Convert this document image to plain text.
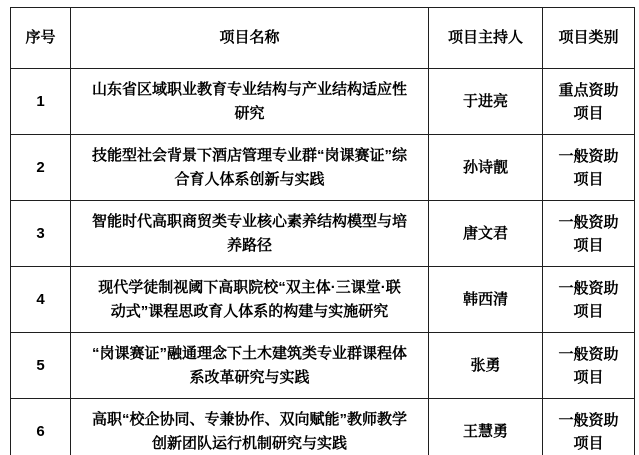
序号	项目名称	项目主持人	项目类别
1	山东省区域职业教育专业结构与产业结构适应性研究	于进亮	重点资助项目
2	技能型社会背景下酒店管理专业群“岗课赛证”综合育人体系创新与实践	孙诗靓	一般资助项目
3	智能时代高职商贸类专业核心素养结构模型与培养路径	唐文君	一般资助项目
4	现代学徒制视阈下高职院校“双主体·三课堂·联动式”课程思政育人体系的构建与实施研究	韩西清	一般资助项目
5	“岗课赛证”融通理念下土木建筑类专业群课程体系改革研究与实践	张勇	一般资助项目
6	高职“校企协同、专兼协作、双向赋能”教师教学创新团队运行机制研究与实践	王慧勇	一般资助项目
